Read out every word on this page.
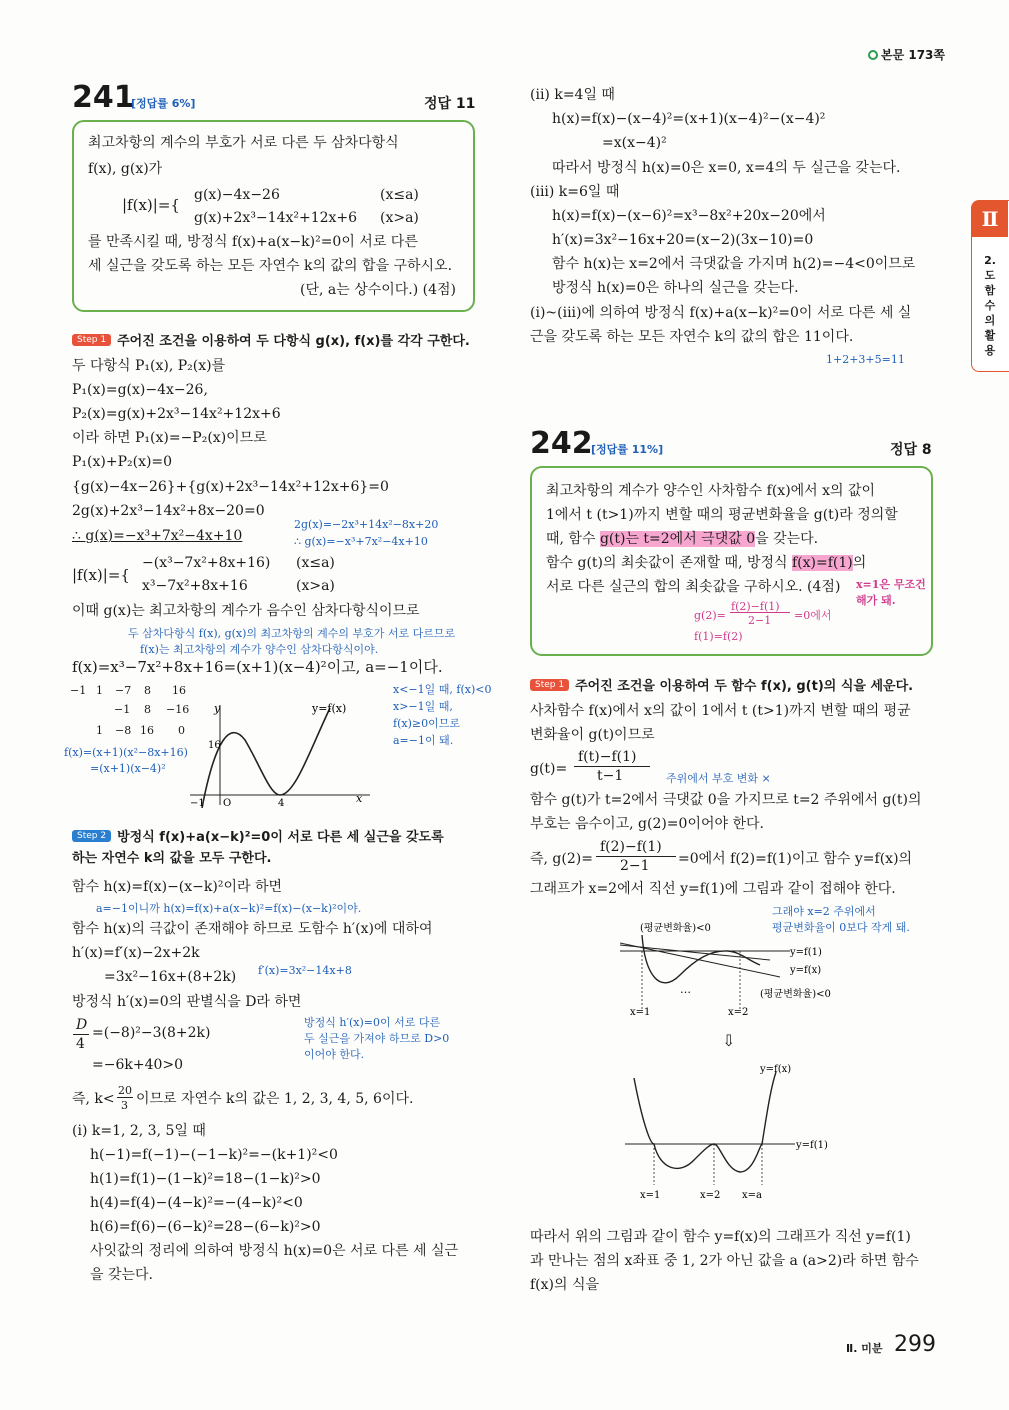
본문 173쪽
Ⅱ
2.도함수의활용
241
[정답률 6%]	정답 11
최고차항의 계수의 부호가 서로 다른 두 삼차다항식
f(x), g(x)가
|f(x)|={
g(x)−4x−26	(x≤a)
g(x)+2x³−14x²+12x+6 (x>a)
를 만족시킬 때, 방정식 f(x)+a(x−k)²=0이 서로 다른
세 실근을 갖도록 하는 모든 자연수 k의 값의 합을 구하시오.
(단, a는 상수이다.) (4점)
Step 1 주어진 조건을 이용하여 두 다항식 g(x), f(x)를 각각 구한다.
두 다항식 P₁(x), P₂(x)를
P₁(x)=g(x)−4x−26,
P₂(x)=g(x)+2x³−14x²+12x+6
이라 하면 P₁(x)=−P₂(x)이므로
P₁(x)+P₂(x)=0
{g(x)−4x−26}+{g(x)+2x³−14x²+12x+6}=0
2g(x)+2x³−14x²+8x−20=0
∴ g(x)=−x³+7x²−4x+10
2g(x)=−2x³+14x²−8x+20
∴ g(x)=−x³+7x²−4x+10
|f(x)|={
−(x³−7x²+8x+16) (x≤a)
x³−7x²+8x+16	(x>a)
이때 g(x)는 최고차항의 계수가 음수인 삼차다항식이므로
두 삼차다항식 f(x), g(x)의 최고차항의 계수의 부호가 서로 다르므로
f(x)는 최고차항의 계수가 양수인 삼차다항식이야.
f(x)=x³−7x²+8x+16=(x+1)(x−4)²이고, a=−1이다.
x<−1일 때, f(x)<0
x>−1일 때,
f(x)≥0이므로
a=−1이 돼.
−1 1 −7 8 16
−1 8 −16
1 −8 16 0
f(x)=(x+1)(x²−8x+16)
=(x+1)(x−4)²
y
x
y=f(x)
16
−1 O	4
Step 2 방정식 f(x)+a(x−k)²=0이 서로 다른 세 실근을 갖도록
하는 자연수 k의 값을 모두 구한다.
함수 h(x)=f(x)−(x−k)²이라 하면
a=−1이니까 h(x)=f(x)+a(x−k)²=f(x)−(x−k)²이야.
함수 h(x)의 극값이 존재해야 하므로 도함수 h′(x)에 대하여
h′(x)=f′(x)−2x+2k
f′(x)=3x²−14x+8
=3x²−16x+(8+2k)
방정식 h′(x)=0의 판별식을 D라 하면
방정식 h′(x)=0이 서로 다른
두 실근을 가져야 하므로 D>0
이어야 한다.
D
4
=(−8)²−3(8+2k)
=−6k+40>0
즉, k<
20
3 이므로 자연수 k의 값은 1, 2, 3, 4, 5, 6이다.
(i) k=1, 2, 3, 5일 때
h(−1)=f(−1)−(−1−k)²=−(k+1)²<0
h(1)=f(1)−(1−k)²=18−(1−k)²>0
h(4)=f(4)−(4−k)²=−(4−k)²<0
h(6)=f(6)−(6−k)²=28−(6−k)²>0
사잇값의 정리에 의하여 방정식 h(x)=0은 서로 다른 세 실근
을 갖는다.
(ii) k=4일 때
h(x)=f(x)−(x−4)²=(x+1)(x−4)²−(x−4)²
=x(x−4)²
따라서 방정식 h(x)=0은 x=0, x=4의 두 실근을 갖는다.
(iii) k=6일 때
h(x)=f(x)−(x−6)²=x³−8x²+20x−20에서
h′(x)=3x²−16x+20=(x−2)(3x−10)=0
함수 h(x)는 x=2에서 극댓값을 가지며 h(2)=−4<0이므로
방정식 h(x)=0은 하나의 실근을 갖는다.
(i)~(iii)에 의하여 방정식 f(x)+a(x−k)²=0이 서로 다른 세 실
근을 갖도록 하는 모든 자연수 k의 값의 합은 11이다.
1+2+3+5=11
242
[정답률 11%]	정답 8
최고차항의 계수가 양수인 사차함수 f(x)에서 x의 값이
1에서 t (t>1)까지 변할 때의 평균변화율을 g(t)라 정의할
때, 함수 g(t)는 t=2에서 극댓값 0을 갖는다.
함수 g(t)의 최솟값이 존재할 때, 방정식 f(x)=f(1)의
서로 다른 실근의 합의 최솟값을 구하시오. (4점) x=1은 무조건
해가 돼.
g(2)=
f(2)−f(1)
2−1 =0에서
f(1)=f(2)
Step 1 주어진 조건을 이용하여 두 함수 f(x), g(t)의 식을 세운다.
사차함수 f(x)에서 x의 값이 1에서 t (t>1)까지 변할 때의 평균
변화율이 g(t)이므로
g(t)=
f(t)−f(1)
t−1	주위에서 부호 변화 ×
함수 g(t)가 t=2에서 극댓값 0을 가지므로 t=2 주위에서 g(t)의
부호는 음수이고, g(2)=0이어야 한다.
즉, g(2)=
f(2)−f(1)
2−1 =0에서 f(2)=f(1)이고 함수 y=f(x)의
그래프가 x=2에서 직선 y=f(1)에 그림과 같이 접해야 한다.
그래야 x=2 주위에서
평균변화율이 0보다 작게 돼.
(평균변화율)<0
(평균변화율)<0
y=f(1)
y=f(x)
…
x=1	x=2
⇩
y=f(x)
y=f(1)
x=1	x=2 x=a
따라서 위의 그림과 같이 함수 y=f(x)의 그래프가 직선 y=f(1)
과 만나는 점의 x좌표 중 1, 2가 아닌 값을 a (a>2)라 하면 함수
f(x)의 식을
Ⅱ. 미분 299
